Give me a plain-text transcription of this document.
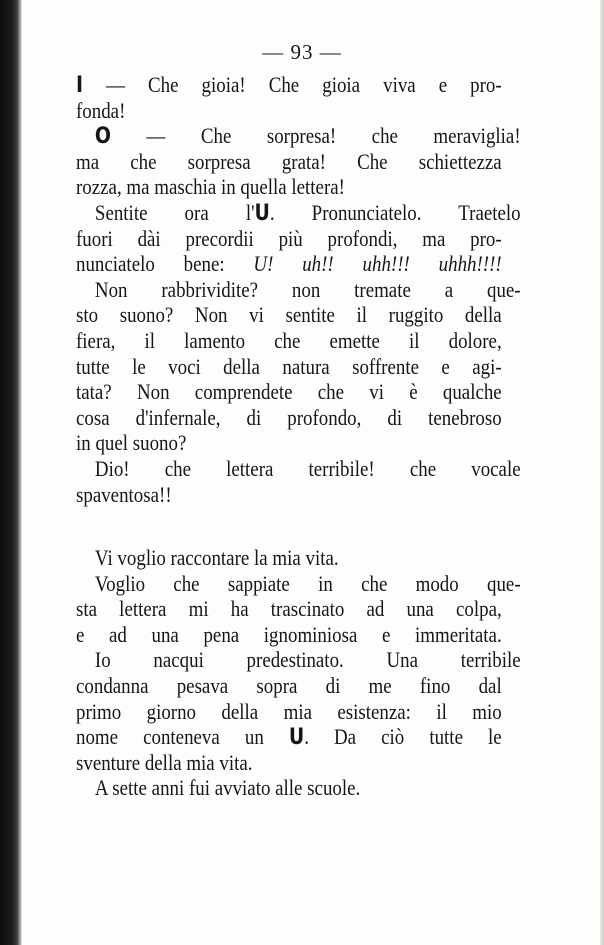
— 93 —
I — Che gioia! Che gioia viva e pro-
fonda!
O — Che sorpresa! che meraviglia!
ma che sorpresa grata! Che schiettezza
rozza, ma maschia in quella lettera!
Sentite ora l'U. Pronunciatelo. Traetelo
fuori dài precordii più profondi, ma pro-
nunciatelo bene: U! uh!! uhh!!! uhhh!!!!
Non rabbrividite? non tremate a que-
sto suono? Non vi sentite il ruggito della
fiera, il lamento che emette il dolore,
tutte le voci della natura soffrente e agi-
tata? Non comprendete che vi è qualche
cosa d'infernale, di profondo, di tenebroso
in quel suono?
Dio! che lettera terribile! che vocale
spaventosa!!
Vi voglio raccontare la mia vita.
Voglio che sappiate in che modo que-
sta lettera mi ha trascinato ad una colpa,
e ad una pena ignominiosa e immeritata.
Io nacqui predestinato. Una terribile
condanna pesava sopra di me fino dal
primo giorno della mia esistenza: il mio
nome conteneva un U. Da ciò tutte le
sventure della mia vita.
A sette anni fui avviato alle scuole.
